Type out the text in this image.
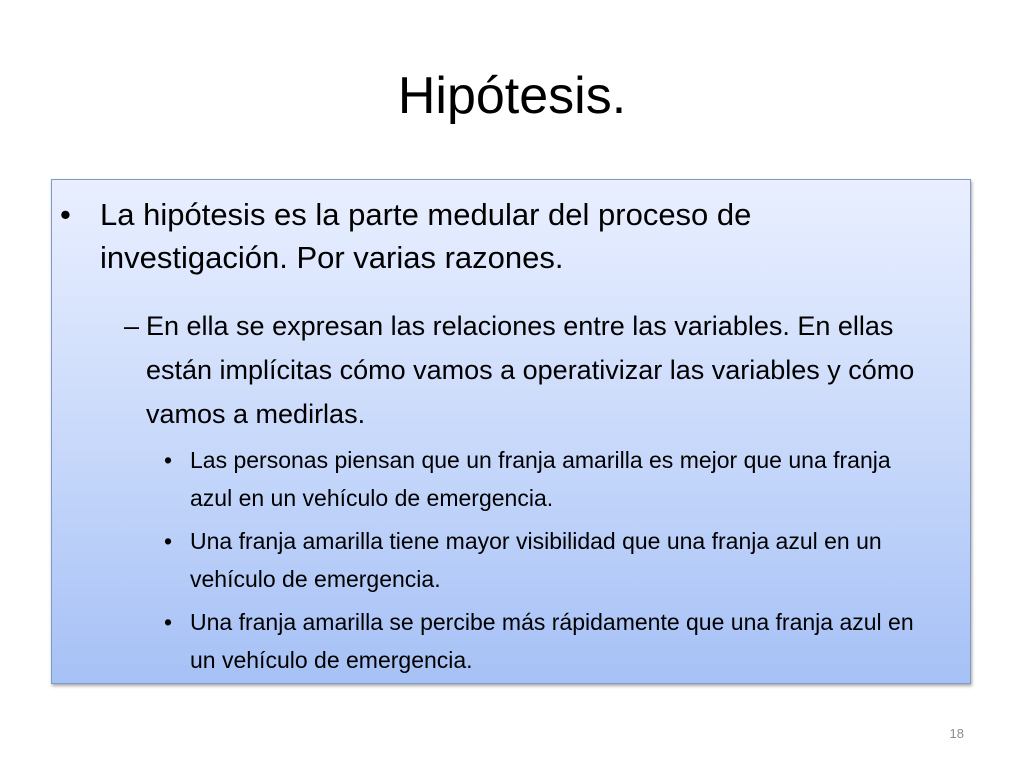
Hipótesis.

• La hipótesis es la parte medular del proceso de investigación. Por varias razones.

– En ella se expresan las relaciones entre las variables. En ellas están implícitas cómo vamos a operativizar las variables y cómo vamos a medirlas.

• Las personas piensan que un franja amarilla es mejor que una franja azul en un vehículo de emergencia.

• Una franja amarilla tiene mayor visibilidad que una franja azul en un vehículo de emergencia.

• Una franja amarilla se percibe más rápidamente que una franja azul en un vehículo de emergencia.

18
